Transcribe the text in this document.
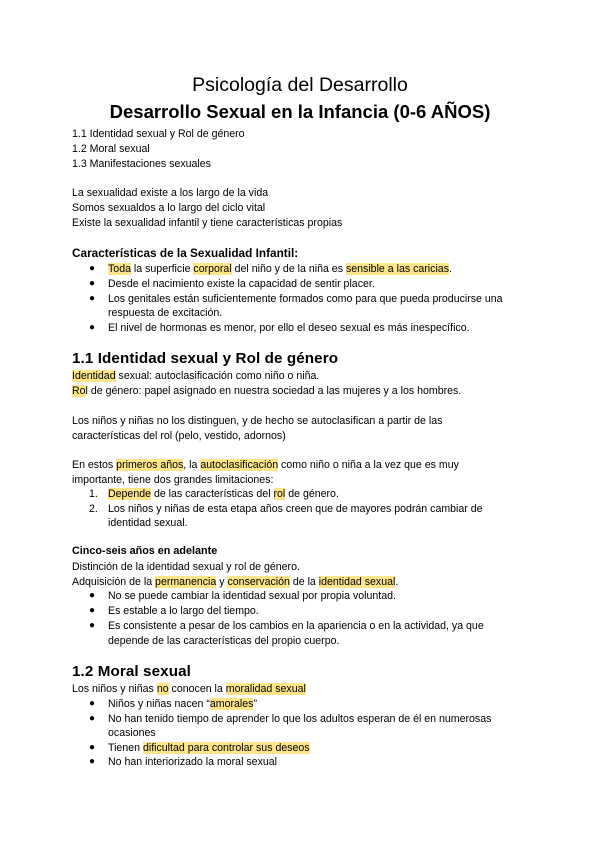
Psicología del Desarrollo
Desarrollo Sexual en la Infancia (0-6 AÑOS)

1.1 Identidad sexual y Rol de género

1.2 Moral sexual

1.3 Manifestaciones sexuales

La sexualidad existe a los largo de la vida

Somos sexualdos a lo largo del ciclo vital

Existe la sexualidad infantil y tiene características propias

Características de la Sexualidad Infantil:

● Toda la superficie corporal del niño y de la niña es sensible a las caricias.

● Desde el nacimiento existe la capacidad de sentir placer.

● Los genitales están suficientemente formados como para que pueda producirse una

respuesta de excitación.

● El nivel de hormonas es menor, por ello el deseo sexual es más inespecífico.

1.1 Identidad sexual y Rol de género

Identidad sexual: autoclasificación como niño o niña.

Rol de género: papel asignado en nuestra sociedad a las mujeres y a los hombres.

Los niños y niñas no los distinguen, y de hecho se autoclasifican a partir de las

características del rol (pelo, vestido, adornos)

En estos primeros años, la autoclasificación como niño o niña a la vez que es muy

importante, tiene dos grandes limitaciones:

1. Depende de las características del rol de género.

2. Los niños y niñas de esta etapa años creen que de mayores podrán cambiar de

identidad sexual.

Cinco-seis años en adelante

Distinción de la identidad sexual y rol de género.

Adquisición de la permanencia y conservación de la identidad sexual.

● No se puede cambiar la identidad sexual por propia voluntad.

● Es estable a lo largo del tiempo.

● Es consistente a pesar de los cambios en la apariencia o en la actividad, ya que

depende de las características del propio cuerpo.

1.2 Moral sexual

Los niños y niñas no conocen la moralidad sexual

● Niños y niñas nacen “amorales”

● No han tenido tiempo de aprender lo que los adultos esperan de él en numerosas

ocasiones

● Tienen dificultad para controlar sus deseos

● No han interiorizado la moral sexual
